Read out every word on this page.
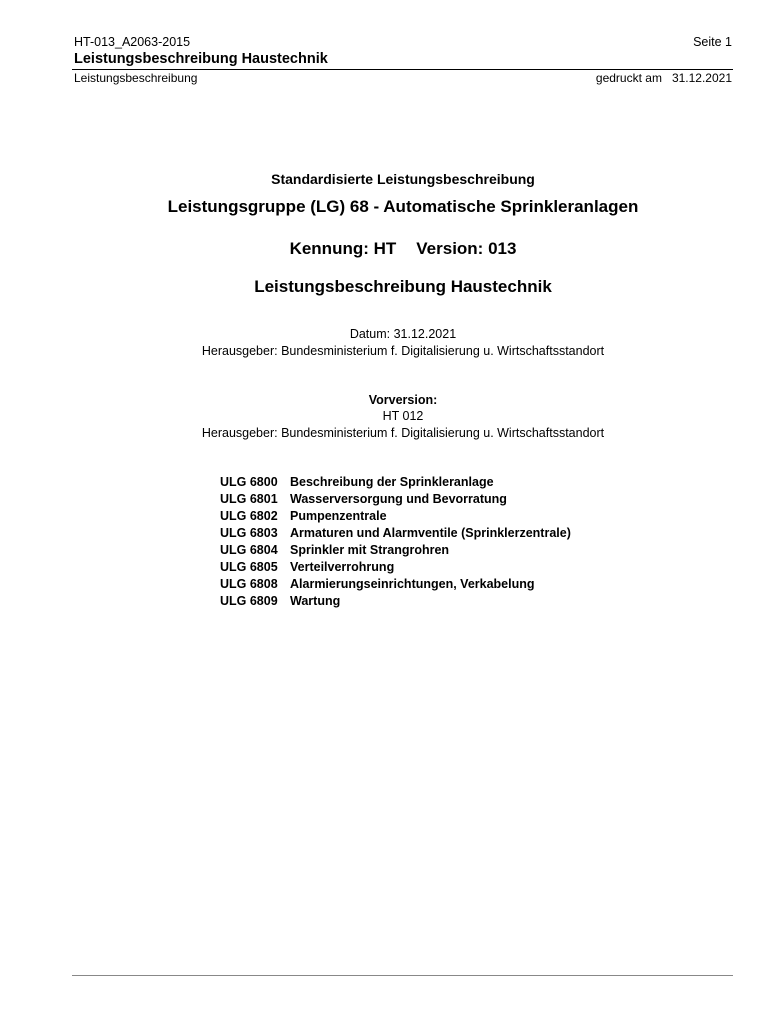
HT-013_A2063-2015	Seite 1
Leistungsbeschreibung Haustechnik
Leistungsbeschreibung	gedruckt am 31.12.2021
Standardisierte Leistungsbeschreibung
Leistungsgruppe (LG) 68 - Automatische Sprinkleranlagen
Kennung: HT Version: 013
Leistungsbeschreibung Haustechnik
Datum: 31.12.2021
Herausgeber: Bundesministerium f. Digitalisierung u. Wirtschaftsstandort
Vorversion:
HT 012
Herausgeber: Bundesministerium f. Digitalisierung u. Wirtschaftsstandort
ULG 6800 Beschreibung der Sprinkleranlage
ULG 6801 Wasserversorgung und Bevorratung
ULG 6802 Pumpenzentrale
ULG 6803 Armaturen und Alarmventile (Sprinklerzentrale)
ULG 6804 Sprinkler mit Strangrohren
ULG 6805 Verteilverrohrung
ULG 6808 Alarmierungseinrichtungen, Verkabelung
ULG 6809 Wartung
